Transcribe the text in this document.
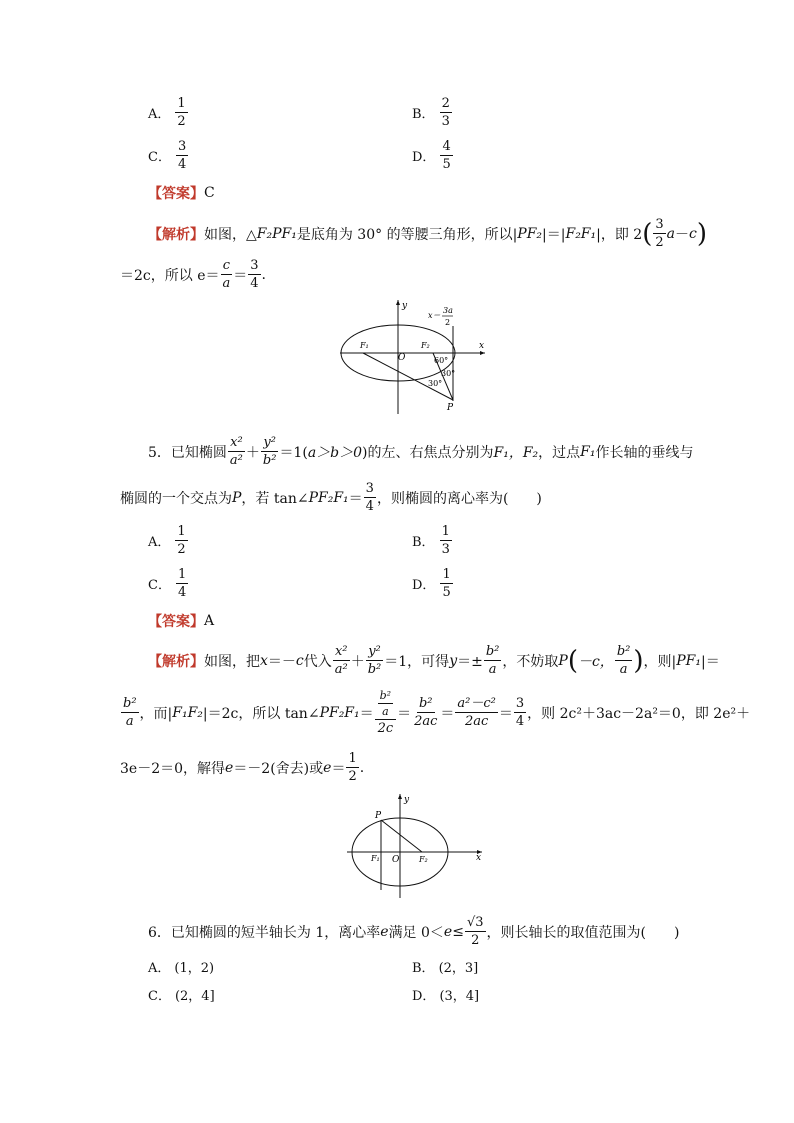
A． $\frac{1}{2}$	B． $\frac{2}{3}$
C． $\frac{3}{4}$	D． $\frac{4}{5}$
【答案】 C
【解析】 如图，△ F₂PF₁ 是底角为 30° 的等腰三角形，所以| PF₂ |＝| F₂F₁ |，即 2 ( $\frac{3}{2}$ a － c )
＝2c，所以 $e= \frac{c}{a} = \frac{3}{4}$ .
y
x
O
F₁	F₂
P
x＝
3a
2
60°
30°
30°
5．已知椭圆 $\frac{\text{x²}}{\text{a²}} + \frac{\text{y²}}{\text{b²}} =1$( a＞b＞0 )的左、右焦点分别为 F₁，F₂ ，过点 F₁ 作长轴的垂线与
椭圆的一个交点为 P ，若 tan∠ $PF_2F_1 = \frac{3}{4}$ ，则椭圆的离心率为(　　)
A． $\frac{1}{2}$	B． $\frac{1}{3}$
C． $\frac{1}{4}$	D． $\frac{1}{5}$
【答案】 A
【解析】 如图，把 x ＝－ c 代入 $\frac{\text{x²}}{\text{a²}} + \frac{\text{y²}}{\text{b²}} =1$，可得 $y =\pm \frac{\text{b²}}{a}$ ，不妨取 P ( －c， $\frac{\text{b²}}{a}$ ) ，则| PF₁ |＝
$\frac{\text{b²}}{a}$ ，而| F₁F₂ |＝2c，所以 tan∠ $PF_2F_1 = \frac{\frac{\text{b²}}{a}}{2c} = \frac{\text{b²}}{2ac} = \frac{\text{a²－c²}}{2ac} = \frac{3}{4}$ ，则 2c²＋3ac－2a²＝0，即 2e²＋
3e－2＝0，解得 e ＝－2(舍去)或 $e = \frac{1}{2}$ .
y
x
O
F₁	F₂
P
6．已知椭圆的短半轴长为 1，离心率 e 满足 $0< e \le \frac{√3}{2}$ ，则长轴长的取值范围为(　　)
A． (1，2)	B． (2，3]
C． (2，4]	D． (3，4]
